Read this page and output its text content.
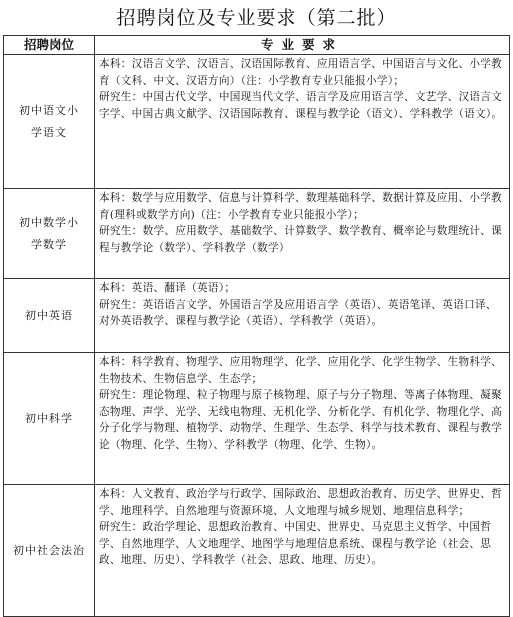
招聘岗位及专业要求（第二批）
招聘岗位	专业要求
初中语文小学语文	本科：汉语言文学、汉语言、汉语国际教育、应用语言学、中国语言与文化、小学教育（文科、中文、汉语方向）（注：小学教育专业只能报小学）；
研究生：中国古代文学、中国现当代文学、语言学及应用语言学、文艺学、汉语言文字学、中国古典文献学、汉语国际教育、课程与教学论（语文）、学科教学（语文）。

初中数学小学数学	本科：数学与应用数学、信息与计算科学、数理基础科学、数据计算及应用、小学教育(理科或数学方向)（注：小学教育专业只能报小学）；
研究生：数学、应用数学、基础数学、计算数学、数学教育、概率论与数理统计、课程与教学论（数学）、学科教学（数学）

初中英语	本科：英语、翻译（英语）；
研究生：英语语言文学、外国语言学及应用语言学（英语）、英语笔译、英语口译、对外英语教学、课程与教学论（英语）、学科教学（英语）。

初中科学	本科：科学教育、物理学、应用物理学、化学、应用化学、化学生物学、生物科学、生物技术、生物信息学、生态学；
研究生：理论物理、粒子物理与原子核物理、原子与分子物理、等离子体物理、凝聚态物理、声学、光学、无线电物理、无机化学、分析化学、有机化学、物理化学、高分子化学与物理、植物学、动物学、生理学、生态学、科学与技术教育、课程与教学论（物理、化学、生物）、学科教学（物理、化学、生物）。

初中社会法治	本科：人文教育、政治学与行政学、国际政治、思想政治教育、历史学、世界史、哲学、地理科学、自然地理与资源环境、人文地理与城乡规划、地理信息科学；
研究生：政治学理论、思想政治教育、中国史、世界史、马克思主义哲学、中国哲学、自然地理学、人文地理学、地图学与地理信息系统、课程与教学论（社会、思政、地理、历史）、学科教学（社会、思政、地理、历史）。
